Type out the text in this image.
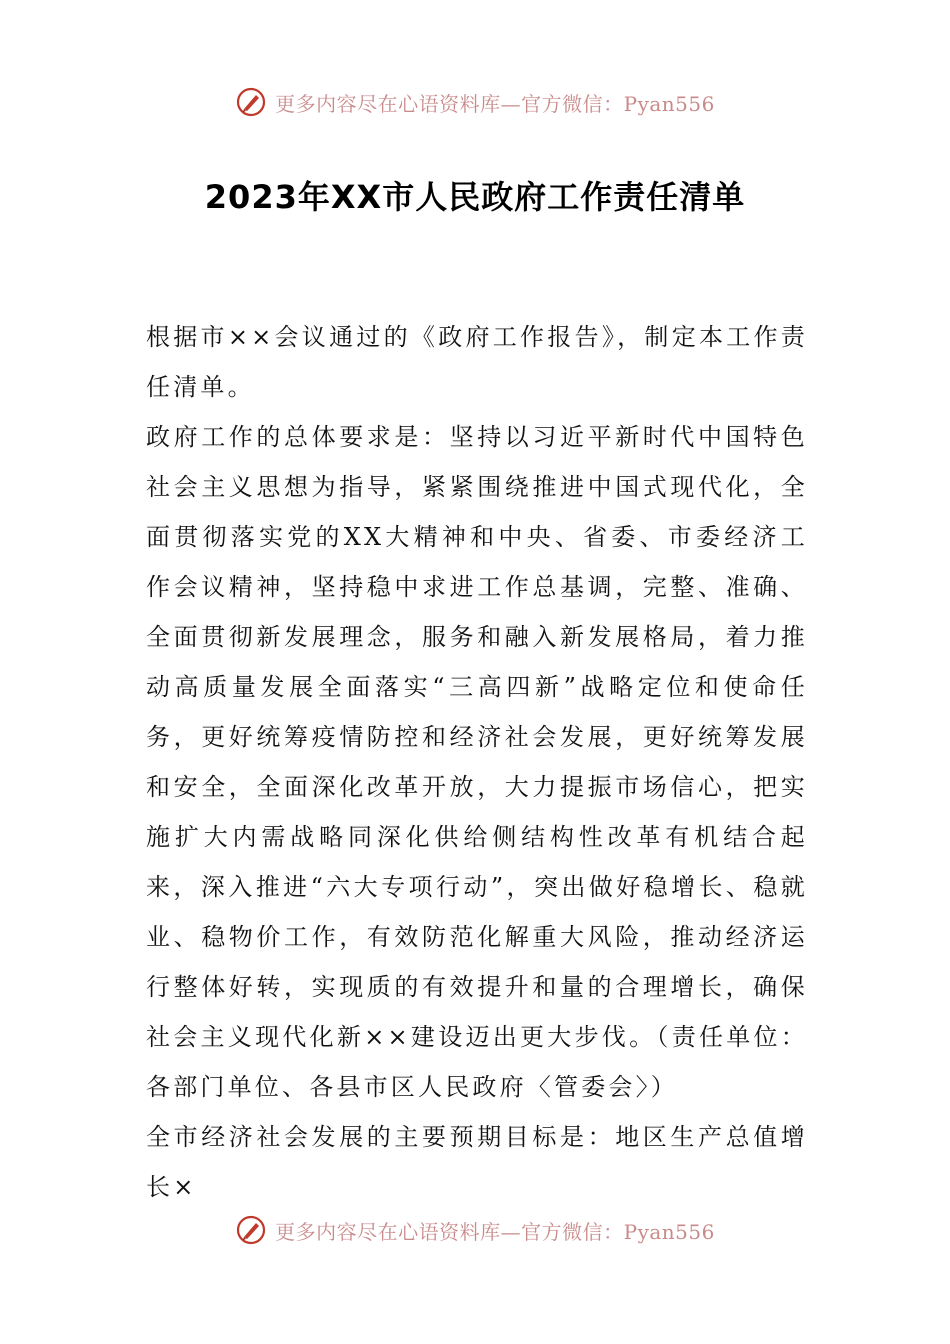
更多内容尽在心语资料库—官方微信：Pyan556
2023年XX市人民政府工作责任清单

根据市××会议通过的《政府工作报告》，制定本工作责任清单。

政府工作的总体要求是：坚持以习近平新时代中国特色社会主义思想为指导，紧紧围绕推进中国式现代化，全面贯彻落实党的XX大精神和中央、省委、市委经济工作会议精神，坚持稳中求进工作总基调，完整、准确、全面贯彻新发展理念，服务和融入新发展格局，着力推动高质量发展全面落实“三高四新”战略定位和使命任务，更好统筹疫情防控和经济社会发展，更好统筹发展和安全，全面深化改革开放，大力提振市场信心，把实施扩大内需战略同深化供给侧结构性改革有机结合起来，深入推进“六大专项行动”，突出做好稳增长、稳就业、稳物价工作，有效防范化解重大风险，推动经济运行整体好转，实现质的有效提升和量的合理增长，确保社会主义现代化新××建设迈出更大步伐。（责任单位：各部门单位、各县市区人民政府〈管委会〉）

全市经济社会发展的主要预期目标是：地区生产总值增长×

更多内容尽在心语资料库—官方微信：Pyan556
